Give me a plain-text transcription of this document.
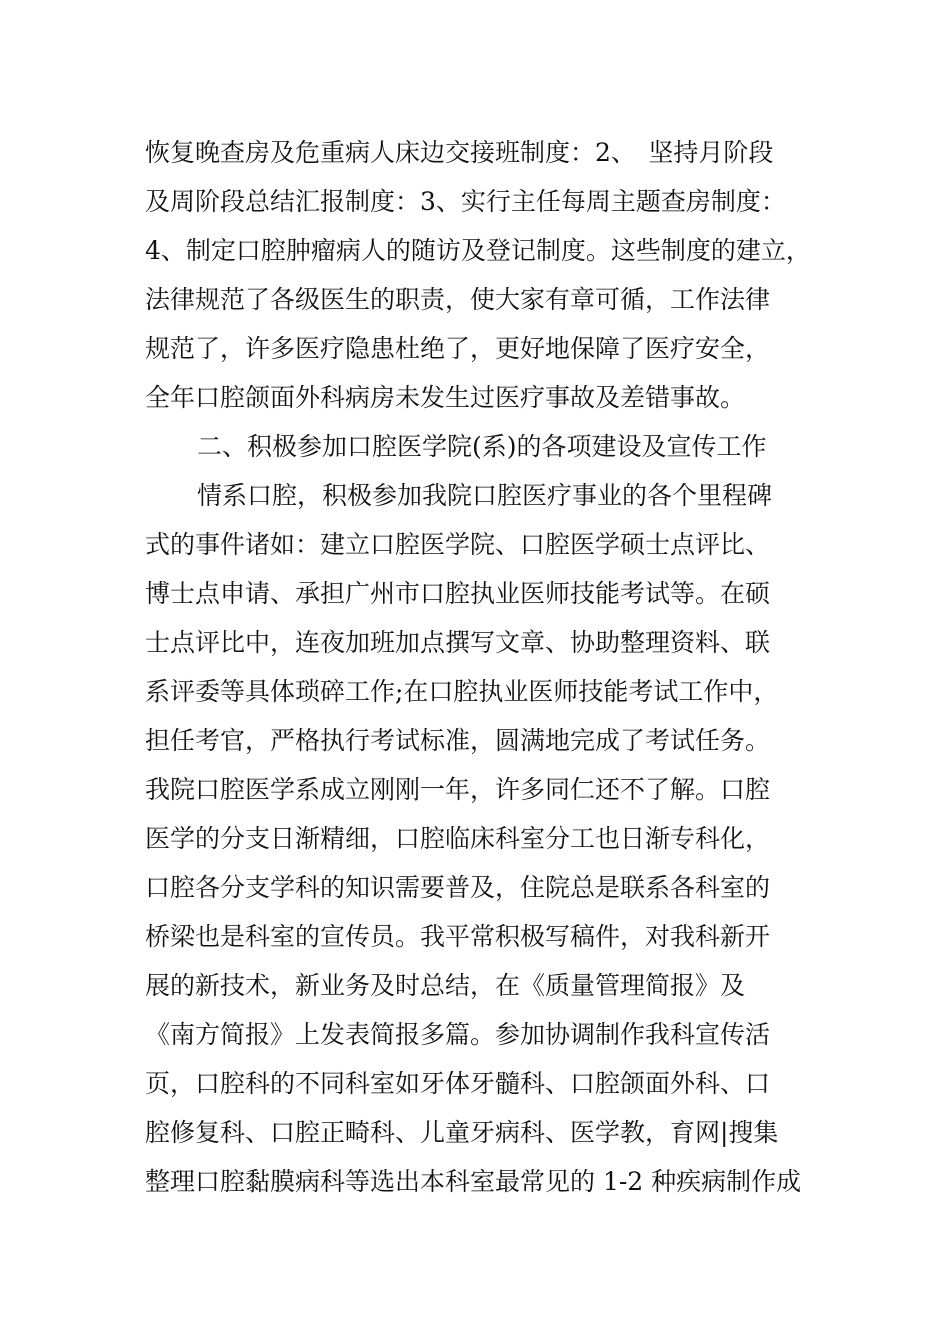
恢复晚查房及危重病人床边交接班制度：2、　坚持月阶段
及周阶段总结汇报制度：3、实行主任每周主题查房制度：
4、制定口腔肿瘤病人的随访及登记制度。这些制度的建立，
法律规范了各级医生的职责，使大家有章可循，工作法律
规范了，许多医疗隐患杜绝了，更好地保障了医疗安全，
全年口腔颌面外科病房未发生过医疗事故及差错事故。
二、积极参加口腔医学院(系)的各项建设及宣传工作
情系口腔，积极参加我院口腔医疗事业的各个里程碑
式的事件诸如：建立口腔医学院、口腔医学硕士点评比、
博士点申请、承担广州市口腔执业医师技能考试等。在硕
士点评比中，连夜加班加点撰写文章、协助整理资料、联
系评委等具体琐碎工作;在口腔执业医师技能考试工作中，
担任考官，严格执行考试标准，圆满地完成了考试任务。
我院口腔医学系成立刚刚一年，许多同仁还不了解。口腔
医学的分支日渐精细，口腔临床科室分工也日渐专科化，
口腔各分支学科的知识需要普及，住院总是联系各科室的
桥梁也是科室的宣传员。我平常积极写稿件，对我科新开
展的新技术，新业务及时总结，在《质量管理简报》及
《南方简报》上发表简报多篇。参加协调制作我科宣传活
页，口腔科的不同科室如牙体牙髓科、口腔颌面外科、口
腔修复科、口腔正畸科、儿童牙病科、医学教，育网|搜集
整理口腔黏膜病科等选出本科室最常见的 1-2 种疾病制作成
